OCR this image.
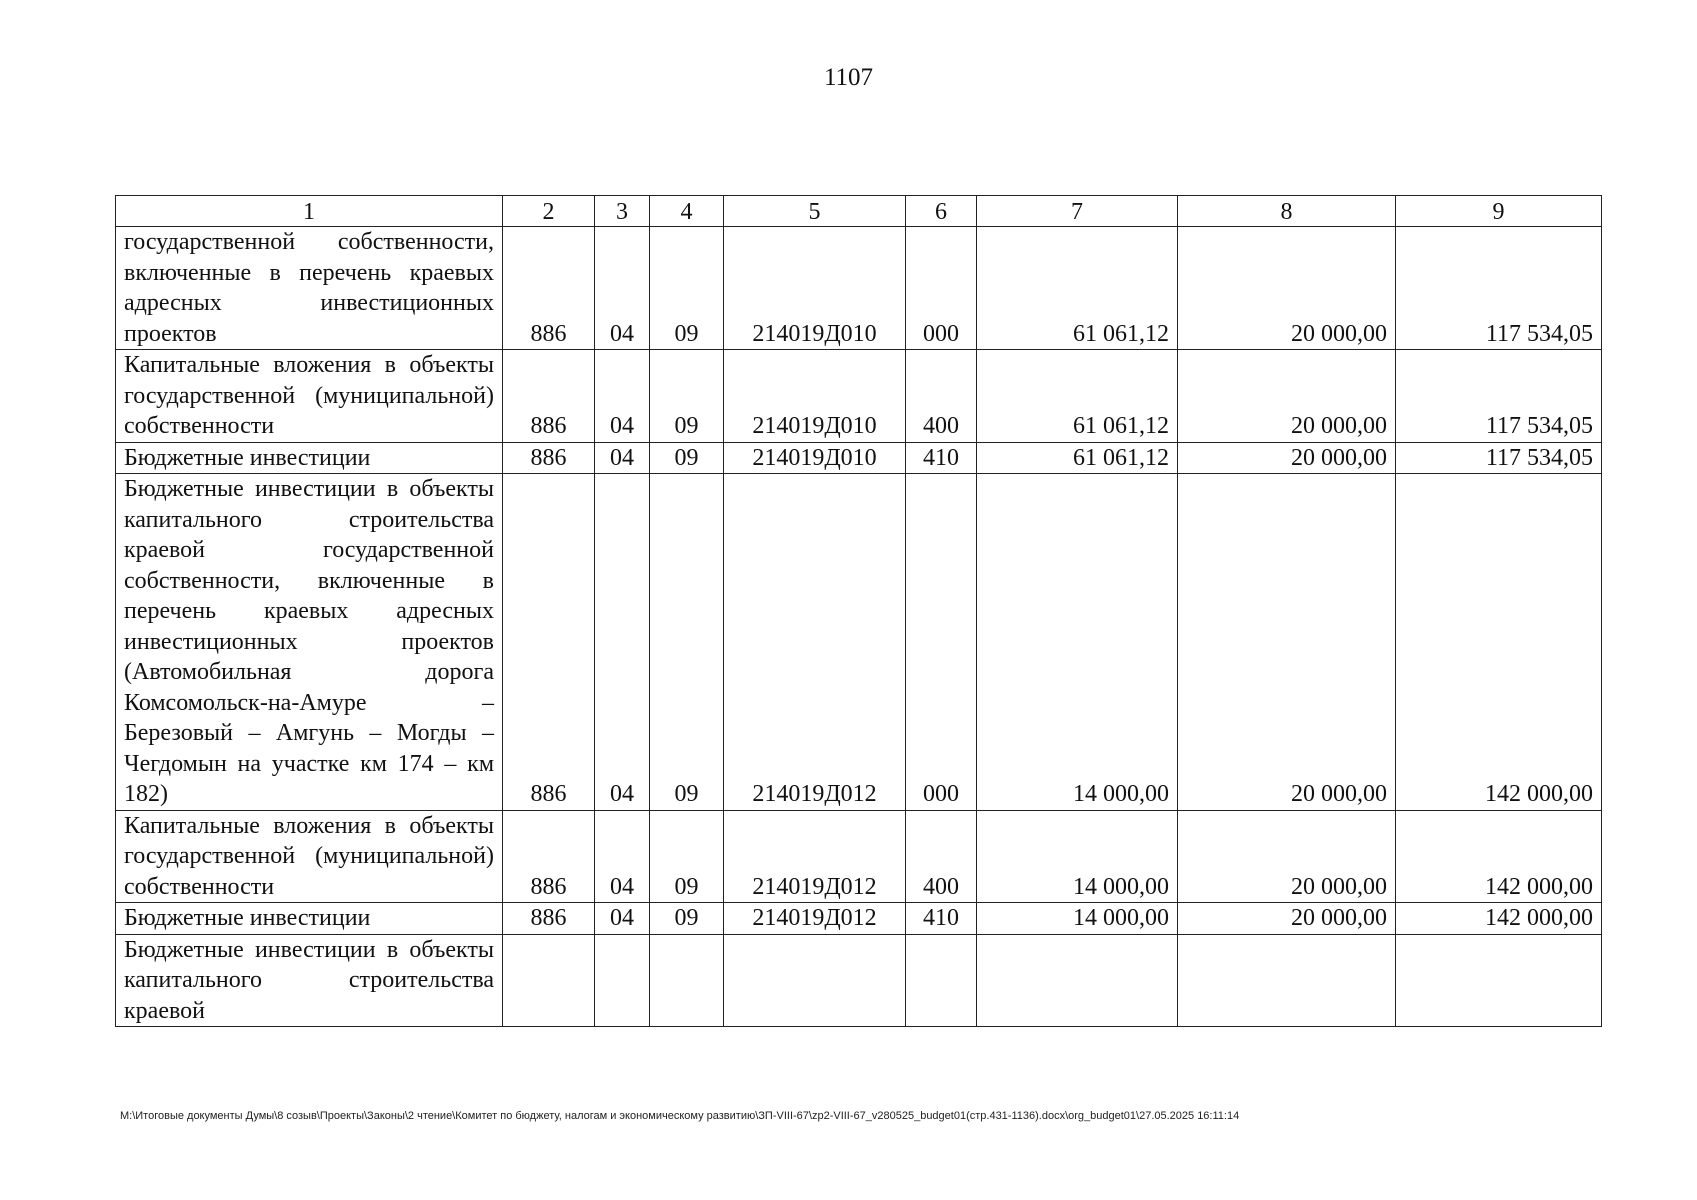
1107
1	2	3	4	5	6	7	8	9
государственной собственности, включенные в перечень краевых адресных инвестиционных проектов	886	04	09	214019Д010	000	61 061,12	20 000,00	117 534,05
Капитальные вложения в объекты государственной (муниципальной) собственности	886	04	09	214019Д010	400	61 061,12	20 000,00	117 534,05
Бюджетные инвестиции	886	04	09	214019Д010	410	61 061,12	20 000,00	117 534,05
Бюджетные инвестиции в объекты капитального строительства краевой государственной собственности, включенные в перечень краевых адресных инвестиционных проектов (Автомобильная дорога Комсомольск-на-Амуре – Березовый – Амгунь – Могды – Чегдомын на участке км 174 – км 182)	886	04	09	214019Д012	000	14 000,00	20 000,00	142 000,00
Капитальные вложения в объекты государственной (муниципальной) собственности	886	04	09	214019Д012	400	14 000,00	20 000,00	142 000,00
Бюджетные инвестиции	886	04	09	214019Д012	410	14 000,00	20 000,00	142 000,00
Бюджетные инвестиции в объекты капитального строительства краевой								
M:\Итоговые документы Думы\8 созыв\Проекты\Законы\2 чтение\Комитет по бюджету, налогам и экономическому развитию\ЗП-VIII-67\zp2-VIII-67_v280525_budget01(стр.431-1136).docx\org_budget01\27.05.2025 16:11:14
